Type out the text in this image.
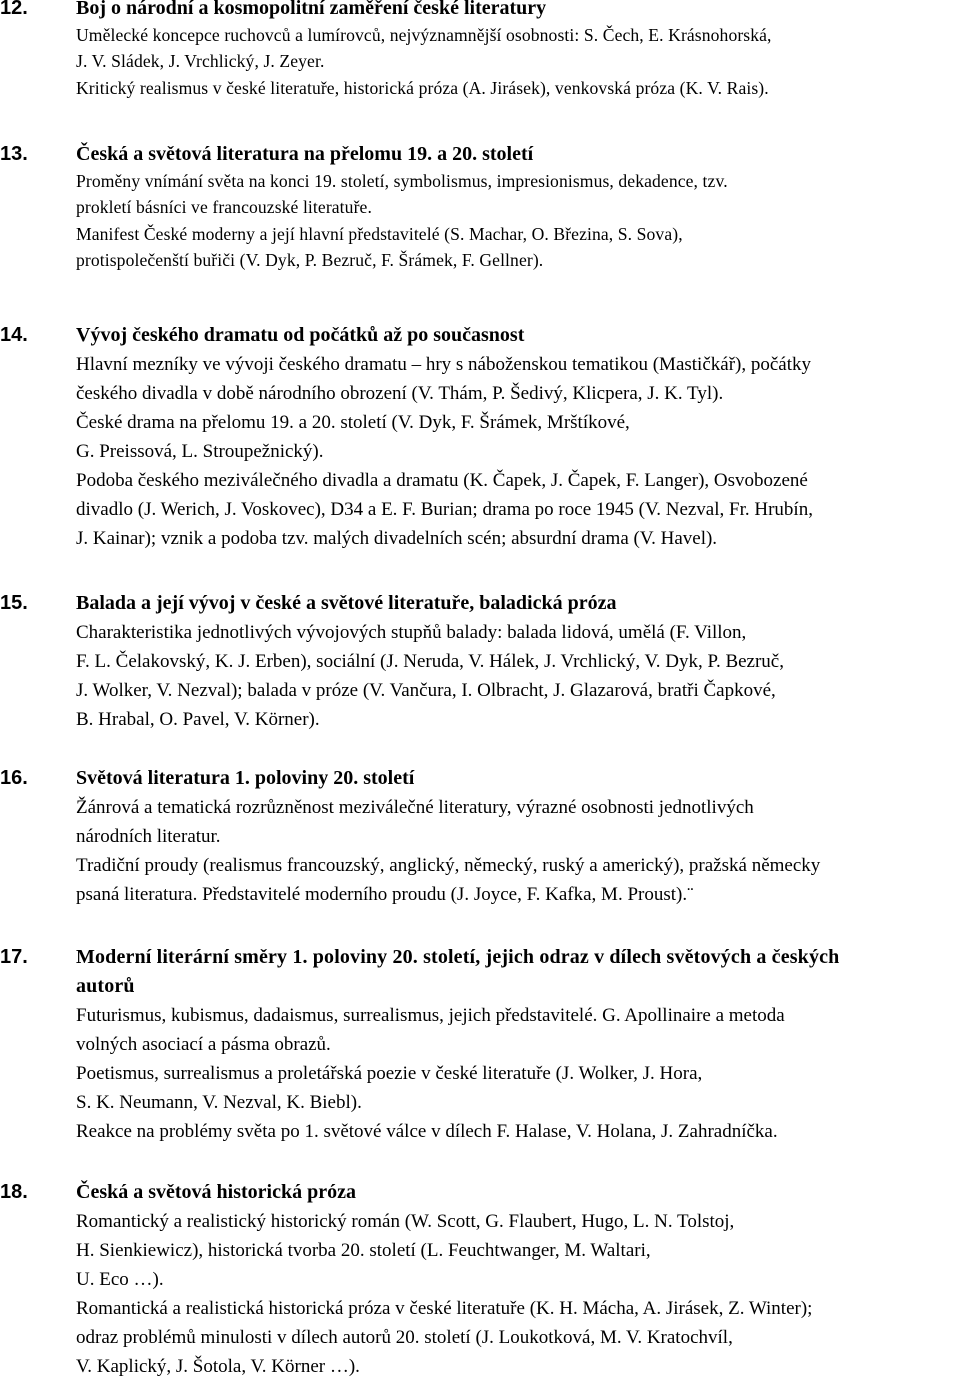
12. Boj o národní a kosmopolitní zaměření české literatury
Umělecké koncepce ruchovců a lumírovců, nejvýznamnější osobnosti: S. Čech, E. Krásnohorská,
J. V. Sládek, J. Vrchlický, J. Zeyer.
Kritický realismus v české literatuře, historická próza (A. Jirásek), venkovská próza (K. V. Rais).
13. Česká a světová literatura na přelomu 19. a 20. století
Proměny vnímání světa na konci 19. století, symbolismus, impresionismus, dekadence, tzv.
prokletí básníci ve francouzské literatuře.
Manifest České moderny a její hlavní představitelé (S. Machar, O. Březina, S. Sova),
protispolečenští buřiči (V. Dyk, P. Bezruč, F. Šrámek, F. Gellner).
14. Vývoj českého dramatu od počátků až po současnost
Hlavní mezníky ve vývoji českého dramatu – hry s náboženskou tematikou (Mastičkář), počátky
českého divadla v době národního obrození (V. Thám, P. Šedivý, Klicpera, J. K. Tyl).
České drama na přelomu 19. a 20. století (V. Dyk, F. Šrámek, Mrštíkové,
G. Preissová, L. Stroupežnický).
Podoba českého meziválečného divadla a dramatu (K. Čapek, J. Čapek, F. Langer), Osvobozené
divadlo (J. Werich, J. Voskovec), D34 a E. F. Burian; drama po roce 1945 (V. Nezval, Fr. Hrubín,
J. Kainar); vznik a podoba tzv. malých divadelních scén; absurdní drama (V. Havel).
15. Balada a její vývoj v české a světové literatuře, baladická próza
Charakteristika jednotlivých vývojových stupňů balady: balada lidová, umělá (F. Villon,
F. L. Čelakovský, K. J. Erben), sociální (J. Neruda, V. Hálek, J. Vrchlický, V. Dyk, P. Bezruč,
J. Wolker, V. Nezval); balada v próze (V. Vančura, I. Olbracht, J. Glazarová, bratři Čapkové,
B. Hrabal, O. Pavel, V. Körner).
16. Světová literatura 1. poloviny 20. století
Žánrová a tematická rozrůzněnost meziválečné literatury, výrazné osobnosti jednotlivých
národních literatur.
Tradiční proudy (realismus francouzský, anglický, německý, ruský a americký), pražská německy
psaná literatura. Představitelé moderního proudu (J. Joyce, F. Kafka, M. Proust).¨
17. Moderní literární směry 1. poloviny 20. století, jejich odraz v dílech světových a českých
autorů
Futurismus, kubismus, dadaismus, surrealismus, jejich představitelé. G. Apollinaire a metoda
volných asociací a pásma obrazů.
Poetismus, surrealismus a proletářská poezie v české literatuře (J. Wolker, J. Hora,
S. K. Neumann, V. Nezval, K. Biebl).
Reakce na problémy světa po 1. světové válce v dílech F. Halase, V. Holana, J. Zahradníčka.
18. Česká a světová historická próza
Romantický a realistický historický román (W. Scott, G. Flaubert, Hugo, L. N. Tolstoj,
H. Sienkiewicz), historická tvorba 20. století (L. Feuchtwanger, M. Waltari,
U. Eco …).
Romantická a realistická historická próza v české literatuře (K. H. Mácha, A. Jirásek, Z. Winter);
odraz problémů minulosti v dílech autorů 20. století (J. Loukotková, M. V. Kratochvíl,
V. Kaplický, J. Šotola, V. Körner …).
